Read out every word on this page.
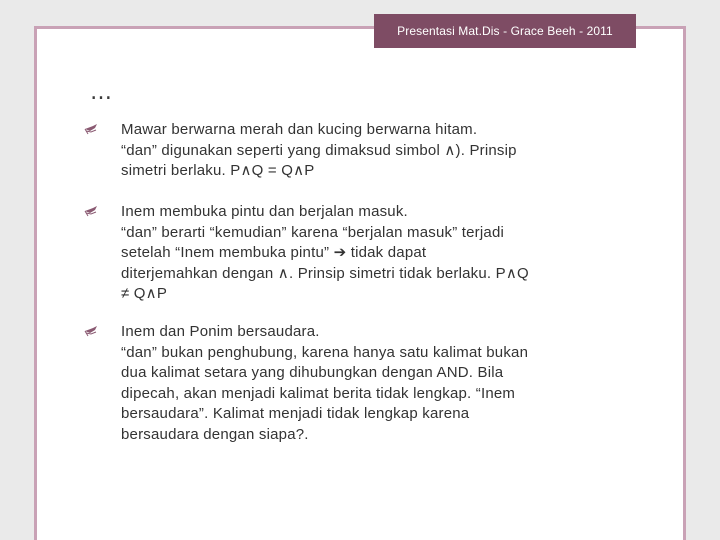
Presentasi Mat.Dis - Grace Beeh - 2011
…
Mawar berwarna merah dan kucing berwarna hitam.
“dan” digunakan seperti yang dimaksud simbol ∧). Prinsip
simetri berlaku. P∧Q = Q∧P
Inem membuka pintu dan berjalan masuk.
“dan” berarti “kemudian” karena “berjalan masuk” terjadi
setelah “Inem membuka pintu” ➔ tidak dapat
diterjemahkan dengan ∧. Prinsip simetri tidak berlaku. P∧Q
≠ Q∧P
Inem dan Ponim bersaudara.
“dan” bukan penghubung, karena hanya satu kalimat bukan
dua kalimat setara yang dihubungkan dengan AND. Bila
dipecah, akan menjadi kalimat berita tidak lengkap. “Inem
bersaudara”. Kalimat menjadi tidak lengkap karena
bersaudara dengan siapa?.
